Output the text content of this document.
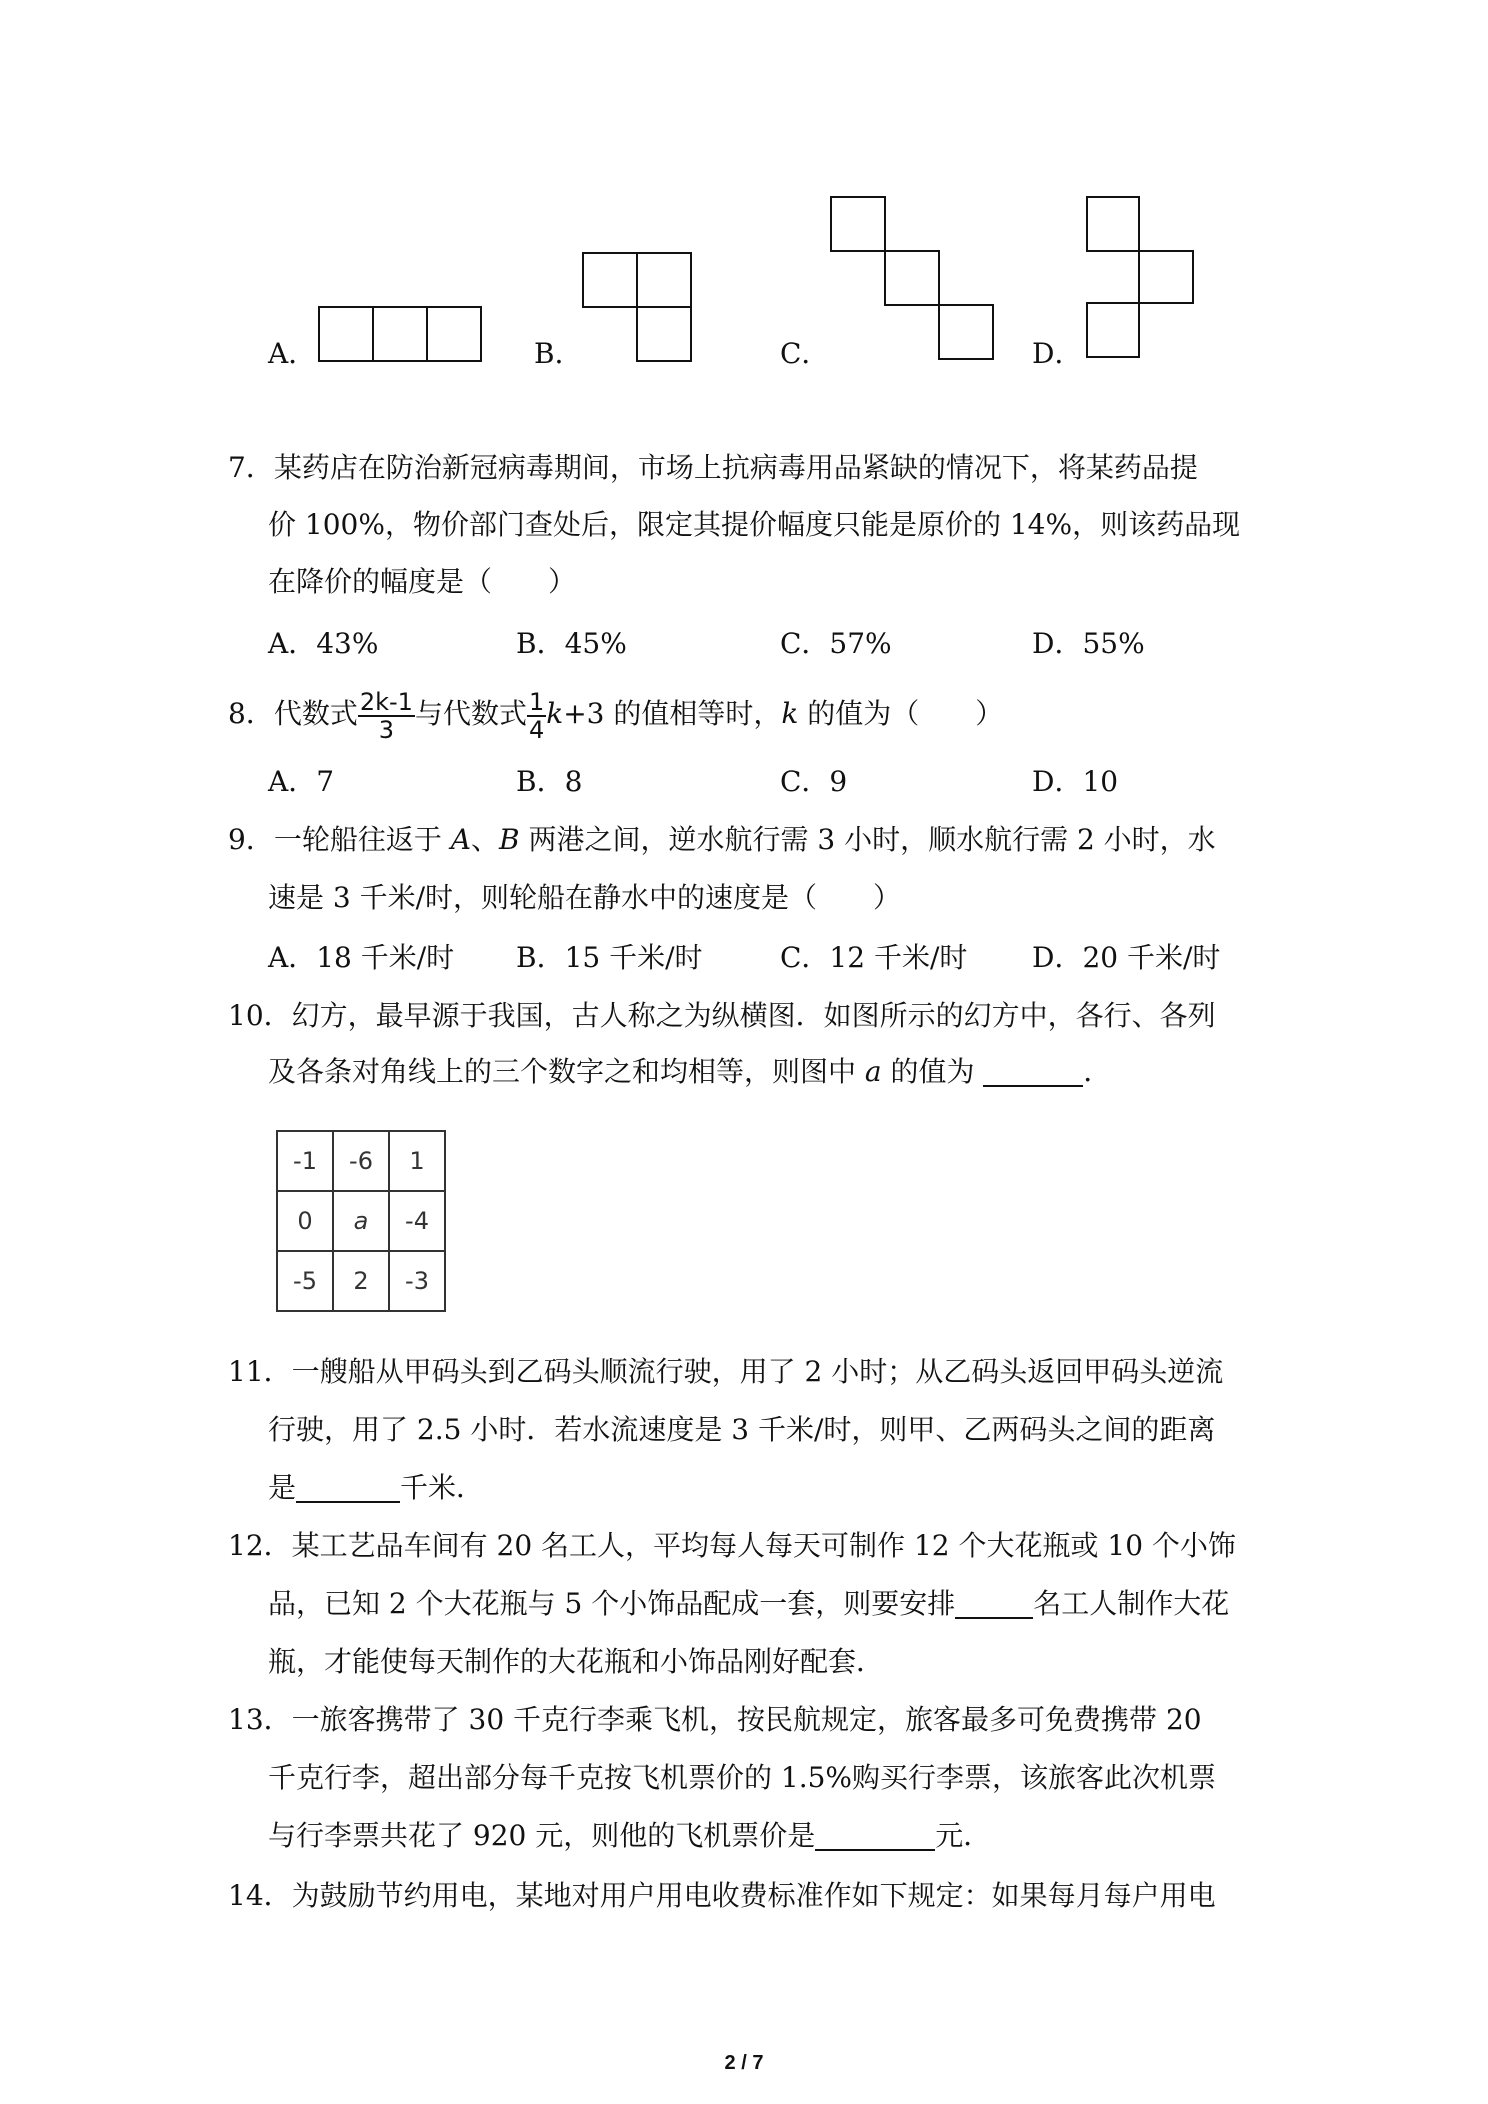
A．	B．	C．	D．
7．某药店在防治新冠病毒期间，市场上抗病毒用品紧缺的情况下，将某药品提
价 100%，物价部门查处后，限定其提价幅度只能是原价的 14%，则该药品现
在降价的幅度是（　　）
A．43%	B．45%	C．57%	D．55%
8．代数式 $\frac{2k-1}{3}$ 与代数式 $\frac{1}{4} k+3$ 的值相等时，k 的值为（　　）
A．7	B．8	C．9	D．10
9．一轮船往返于 A、B 两港之间，逆水航行需 3 小时，顺水航行需 2 小时，水
速是 3 千米/时，则轮船在静水中的速度是（　　）
A．18 千米/时 B．15 千米/时	C．12 千米/时 D．20 千米/时
10．幻方，最早源于我国，古人称之为纵横图．如图所示的幻方中，各行、各列
及各条对角线上的三个数字之和均相等，则图中 a 的值为	．
-1	-6	1
0	a	-4
-5	2	-3
11．一艘船从甲码头到乙码头顺流行驶，用了 2 小时；从乙码头返回甲码头逆流
行驶，用了 2.5 小时．若水流速度是 3 千米/时，则甲、乙两码头之间的距离
是	千米．
12．某工艺品车间有 20 名工人，平均每人每天可制作 12 个大花瓶或 10 个小饰
品，已知 2 个大花瓶与 5 个小饰品配成一套，则要安排	名工人制作大花
瓶，才能使每天制作的大花瓶和小饰品刚好配套．
13．一旅客携带了 30 千克行李乘飞机，按民航规定，旅客最多可免费携带 20
千克行李，超出部分每千克按飞机票价的 1.5%购买行李票，该旅客此次机票
与行李票共花了 920 元，则他的飞机票价是	元．
14．为鼓励节约用电，某地对用户用电收费标准作如下规定：如果每月每户用电
2 / 7
